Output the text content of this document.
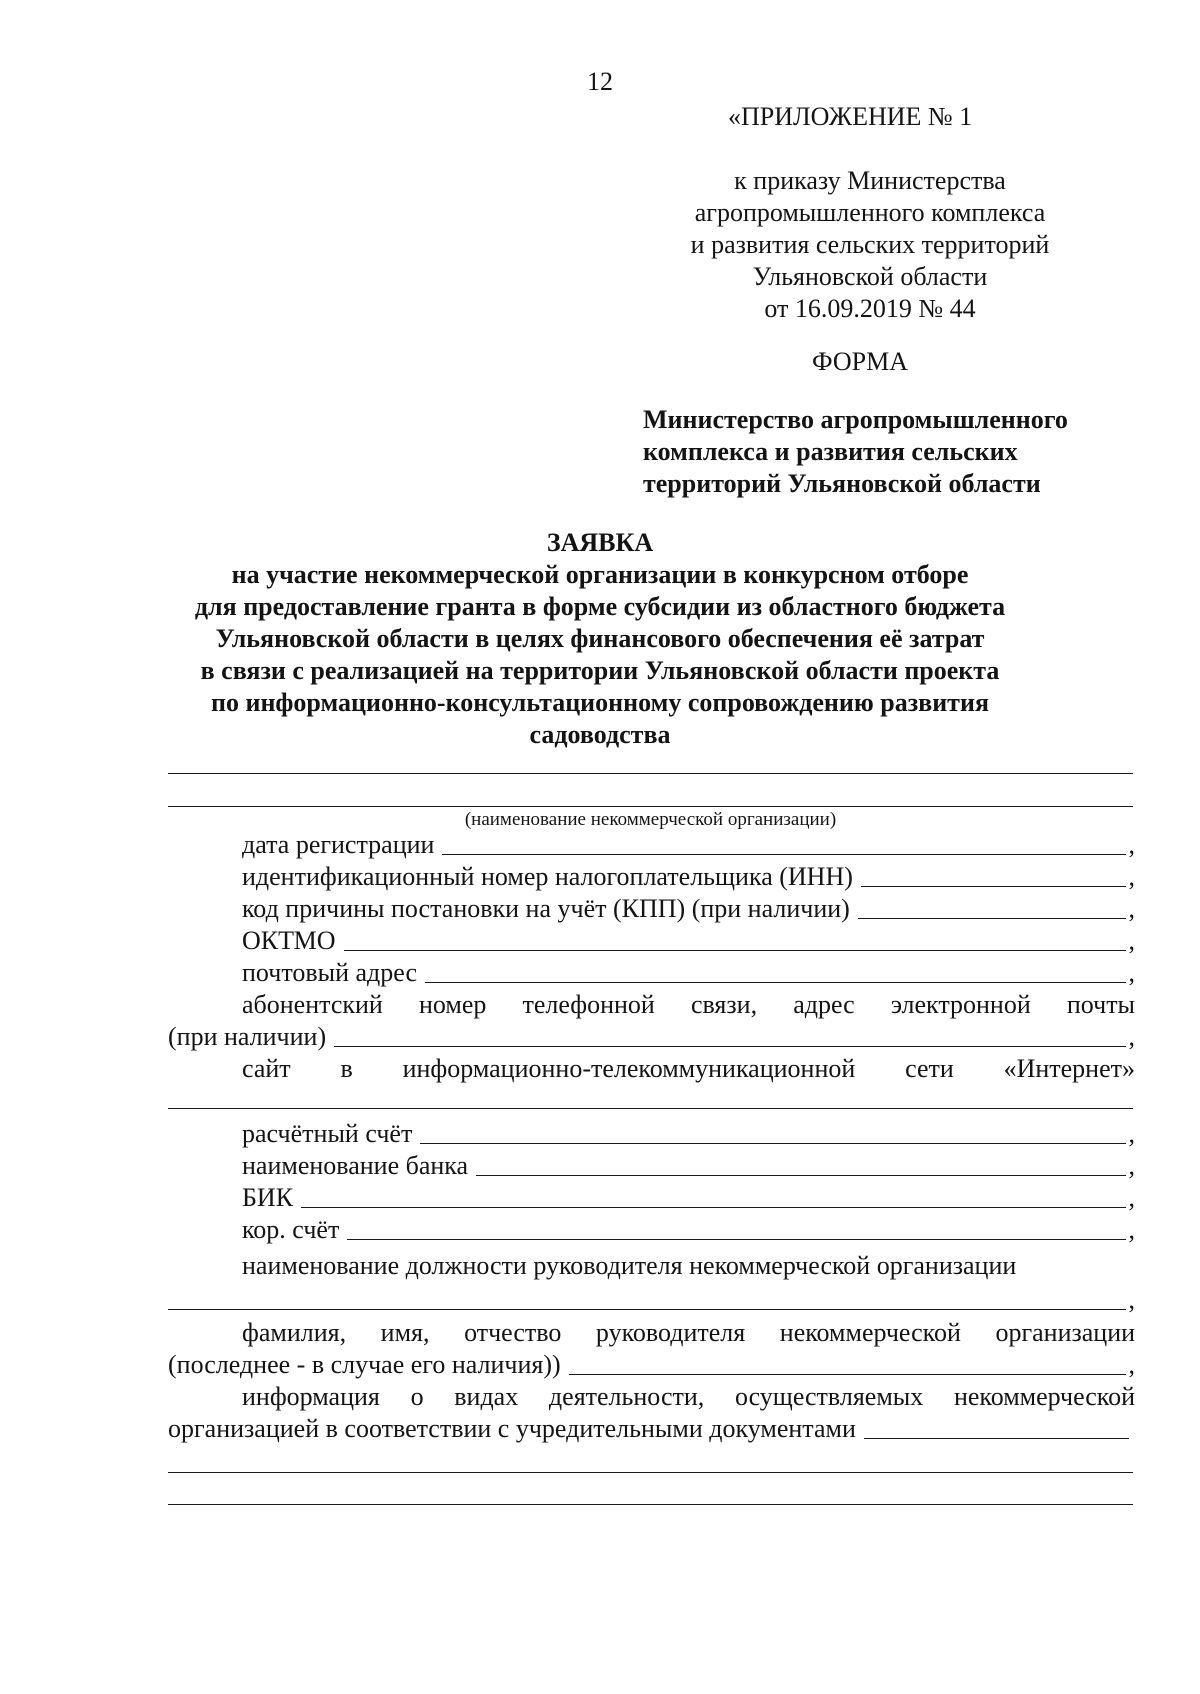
12
«ПРИЛОЖЕНИЕ № 1
к приказу Министерства
агропромышленного комплекса
и развития сельских территорий
Ульяновской области
от 16.09.2019 № 44
ФОРМА
Министерство агропромышленного
комплекса и развития сельских
территорий Ульяновской области
ЗАЯВКА
на участие некоммерческой организации в конкурсном отборе
для предоставление гранта в форме субсидии из областного бюджета
Ульяновской области в целях финансового обеспечения её затрат
в связи с реализацией на территории Ульяновской области проекта
по информационно-консультационному сопровождению развития
садоводства
(наименование некоммерческой организации)
дата регистрации	,
идентификационный номер налогоплательщика (ИНН)	,
код причины постановки на учёт (КПП) (при наличии)	,
ОКТМО	,
почтовый адрес	,
абонентский номер телефонной связи, адрес электронной почты
(при наличии)	,
сайт в информационно-телекоммуникационной сети «Интернет»
расчётный счёт	,
наименование банка	,
БИК	,
кор. счёт	,
наименование должности руководителя некоммерческой организации
,
фамилия, имя, отчество руководителя некоммерческой организации
(последнее - в случае его наличия))	,
информация о видах деятельности, осуществляемых некоммерческой
организацией в соответствии с учредительными документами
